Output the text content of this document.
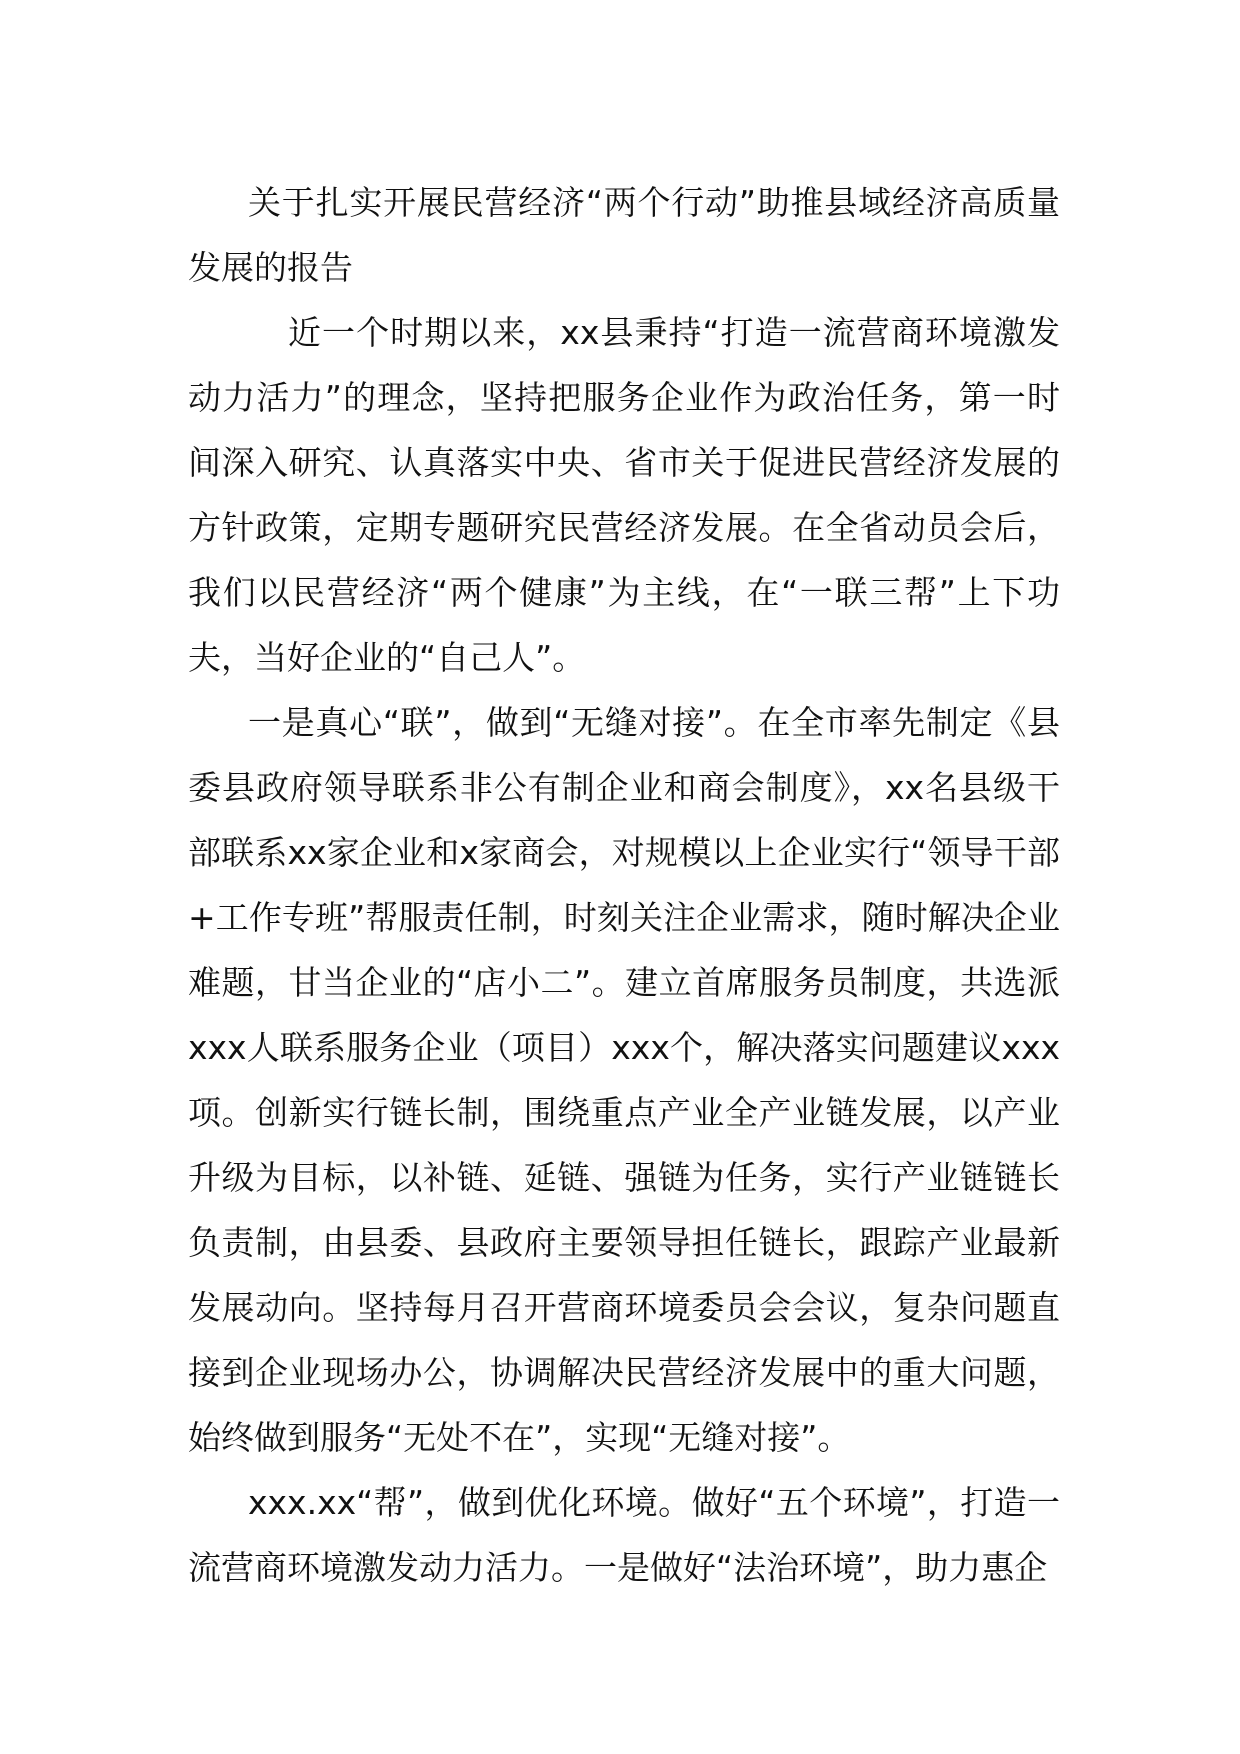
关于扎实开展民营经济“两个行动”助推县域经济高质量发展的报告

近一个时期以来，xx县秉持“打造一流营商环境激发动力活力”的理念，坚持把服务企业作为政治任务，第一时间深入研究、认真落实中央、省市关于促进民营经济发展的方针政策，定期专题研究民营经济发展。在全省动员会后，我们以民营经济“两个健康”为主线，在“一联三帮”上下功夫，当好企业的“自己人”。

一是真心“联”，做到“无缝对接”。在全市率先制定《县委县政府领导联系非公有制企业和商会制度》，xx名县级干部联系xx家企业和x家商会，对规模以上企业实行“领导干部+工作专班”帮服责任制，时刻关注企业需求，随时解决企业难题，甘当企业的“店小二”。建立首席服务员制度，共选派xxx人联系服务企业（项目）xxx个，解决落实问题建议xxx项。创新实行链长制，围绕重点产业全产业链发展，以产业升级为目标，以补链、延链、强链为任务，实行产业链链长负责制，由县委、县政府主要领导担任链长，跟踪产业最新发展动向。坚持每月召开营商环境委员会会议，复杂问题直接到企业现场办公，协调解决民营经济发展中的重大问题，始终做到服务“无处不在”，实现“无缝对接”。

xxx.xx“帮”，做到优化环境。做好“五个环境”，打造一流营商环境激发动力活力。一是做好“法治环境”，助力惠企
